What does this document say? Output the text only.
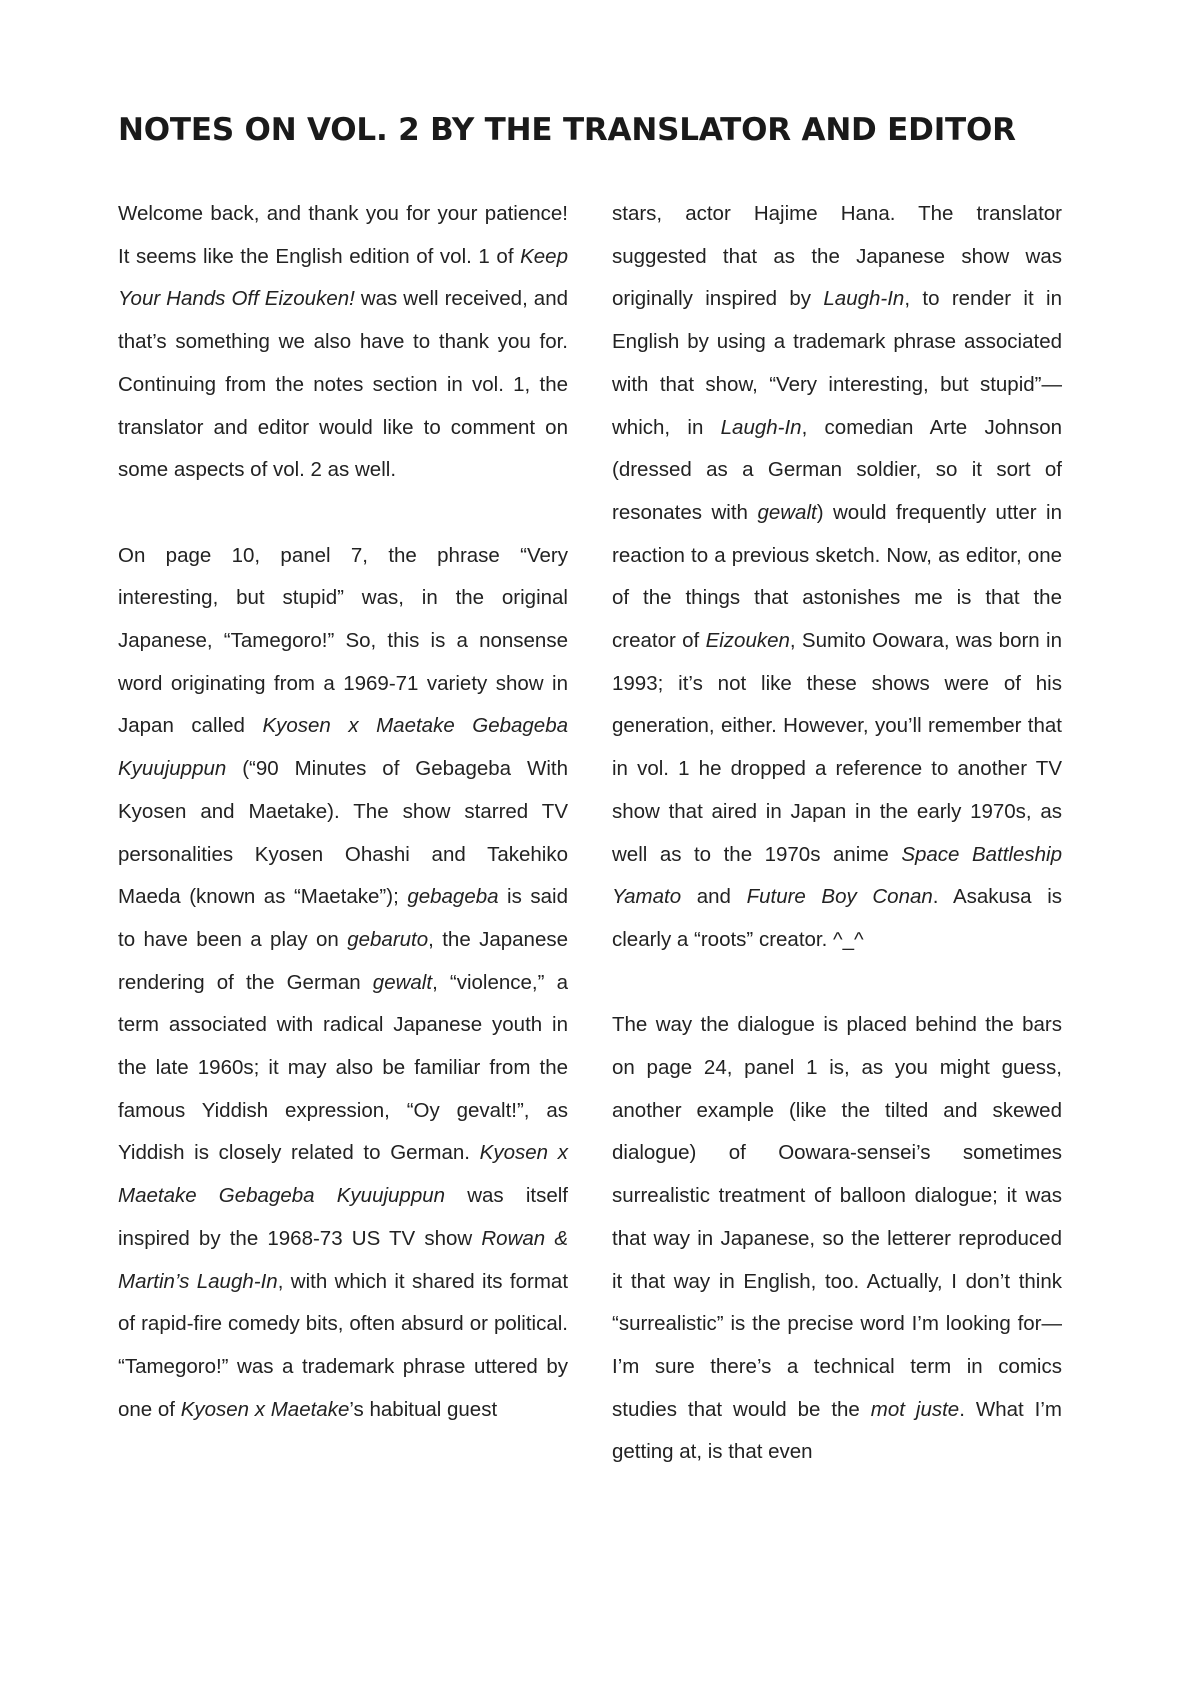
NOTES ON VOL. 2 BY THE TRANSLATOR AND EDITOR

Welcome back, and thank you for your patience! It seems like the English edition of vol. 1 of Keep Your Hands Off Eizouken! was well received, and that’s something we also have to thank you for. Continuing from the notes section in vol. 1, the translator and editor would like to comment on some aspects of vol. 2 as well.

On page 10, panel 7, the phrase “Very interesting, but stupid” was, in the original Japanese, “Tamegoro!” So, this is a nonsense word originating from a 1969-71 variety show in Japan called Kyosen x Maetake Gebageba Kyuujuppun (“90 Minutes of Gebageba With Kyosen and Maetake). The show starred TV personalities Kyosen Ohashi and Takehiko Maeda (known as “Maetake”); gebageba is said to have been a play on gebaruto, the Japanese rendering of the German gewalt, “violence,” a term associated with radical Japanese youth in the late 1960s; it may also be familiar from the famous Yiddish expression, “Oy gevalt!”, as Yiddish is closely related to German. Kyosen x Maetake Gebageba Kyuujuppun was itself inspired by the 1968-73 US TV show Rowan & Martin’s Laugh-In, with which it shared its format of rapid-fire comedy bits, often absurd or political. “Tamegoro!” was a trademark phrase uttered by one of Kyosen x Maetake’s habitual guest

stars, actor Hajime Hana. The translator suggested that as the Japanese show was originally inspired by Laugh-In, to render it in English by using a trademark phrase associated with that show, “Very interesting, but stupid”—which, in Laugh-In, comedian Arte Johnson (dressed as a German soldier, so it sort of resonates with gewalt) would frequently utter in reaction to a previous sketch. Now, as editor, one of the things that astonishes me is that the creator of Eizouken, Sumito Oowara, was born in 1993; it’s not like these shows were of his generation, either. However, you’ll remember that in vol. 1 he dropped a reference to another TV show that aired in Japan in the early 1970s, as well as to the 1970s anime Space Battleship Yamato and Future Boy Conan. Asakusa is clearly a “roots” creator. ^_^

The way the dialogue is placed behind the bars on page 24, panel 1 is, as you might guess, another example (like the tilted and skewed dialogue) of Oowara-sensei’s sometimes surrealistic treatment of balloon dialogue; it was that way in Japanese, so the letterer reproduced it that way in English, too. Actually, I don’t think “surrealistic” is the precise word I’m looking for—I’m sure there’s a technical term in comics studies that would be the mot juste. What I’m getting at, is that even
